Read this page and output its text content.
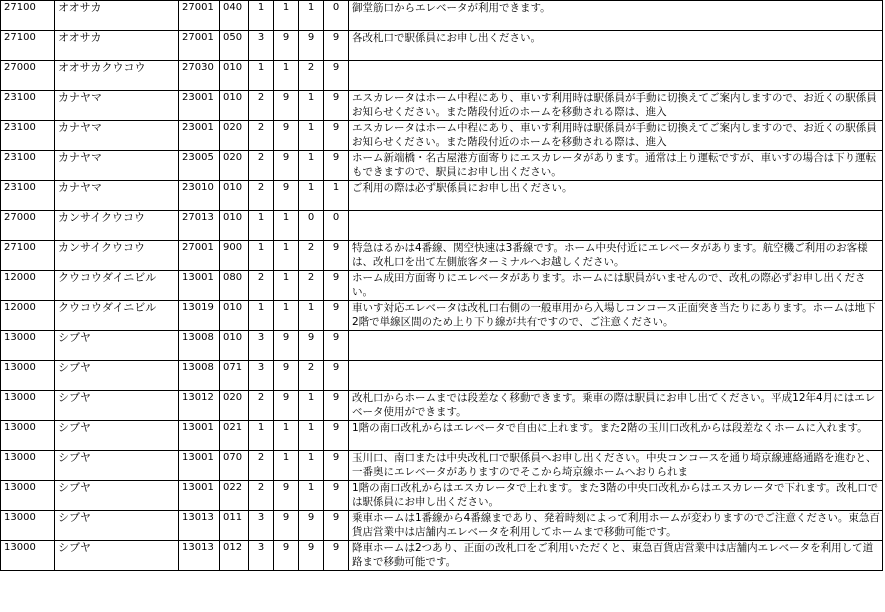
27100	オオサカ	27001	040	1	1	1	0	御堂筋口からエレベータが利用できます。
27100	オオサカ	27001	050	3	9	9	9	各改札口で駅係員にお申し出ください。
27000	オオサカクウコウ	27030	010	1	1	2	9	
23100	カナヤマ	23001	010	2	9	1	9	エスカレータはホーム中程にあり、車いす利用時は駅係員が手動に切換えてご案内しますので、お近くの駅係員お知らせください。また階段付近のホームを移動される際は、進入
23100	カナヤマ	23001	020	2	9	1	9	エスカレータはホーム中程にあり、車いす利用時は駅係員が手動に切換えてご案内しますので、お近くの駅係員お知らせください。また階段付近のホームを移動される際は、進入
23100	カナヤマ	23005	020	2	9	1	9	ホーム新端橋・名古屋港方面寄りにエスカレータがあります。通常は上り運転ですが、車いすの場合は下り運転もできますので、駅員にお申し出ください。
23100	カナヤマ	23010	010	2	9	1	1	ご利用の際は必ず駅係員にお申し出ください。
27000	カンサイクウコウ	27013	010	1	1	0	0	
27100	カンサイクウコウ	27001	900	1	1	2	9	特急はるかは4番線、関空快速は3番線です。ホーム中央付近にエレベータがあります。航空機ご利用のお客様は、改札口を出て左側旅客ターミナルへお越しください。
12000	クウコウダイニビル	13001	080	2	1	2	9	ホーム成田方面寄りにエレベータがあります。ホームには駅員がいませんので、改札の際必ずお申し出ください。
12000	クウコウダイニビル	13019	010	1	1	1	9	車いす対応エレベータは改札口右側の一般車用から入場しコンコース正面突き当たりにあります。ホームは地下2階で単線区間のため上り下り線が共有ですので、ご注意ください。
13000	シブヤ	13008	010	3	9	9	9	
13000	シブヤ	13008	071	3	9	2	9	
13000	シブヤ	13012	020	2	9	1	9	改札口からホームまでは段差なく移動できます。乗車の際は駅員にお申し出てください。平成12年4月にはエレベータ使用ができます。
13000	シブヤ	13001	021	1	1	1	9	1階の南口改札からはエレベータで自由に上れます。また2階の玉川口改札からは段差なくホームに入れます。
13000	シブヤ	13001	070	2	1	1	9	玉川口、南口または中央改札口で駅係員へお申し出ください。中央コンコースを通り埼京線連絡通路を進むと、一番奥にエレベータがありますのでそこから埼京線ホームへおりられま
13000	シブヤ	13001	022	2	9	1	9	1階の南口改札からはエスカレータで上れます。また3階の中央口改札からはエスカレータで下れます。改札口では駅係員にお申し出ください。
13000	シブヤ	13013	011	3	9	9	9	乗車ホームは1番線から4番線まであり、発着時刻によって利用ホームが変わりますのでご注意ください。東急百貨店営業中は店舗内エレベータを利用してホームまで移動可能です。
13000	シブヤ	13013	012	3	9	9	9	降車ホームは2つあり、正面の改札口をご利用いただくと、東急百貨店営業中は店舗内エレベータを利用して道路まで移動可能です。
